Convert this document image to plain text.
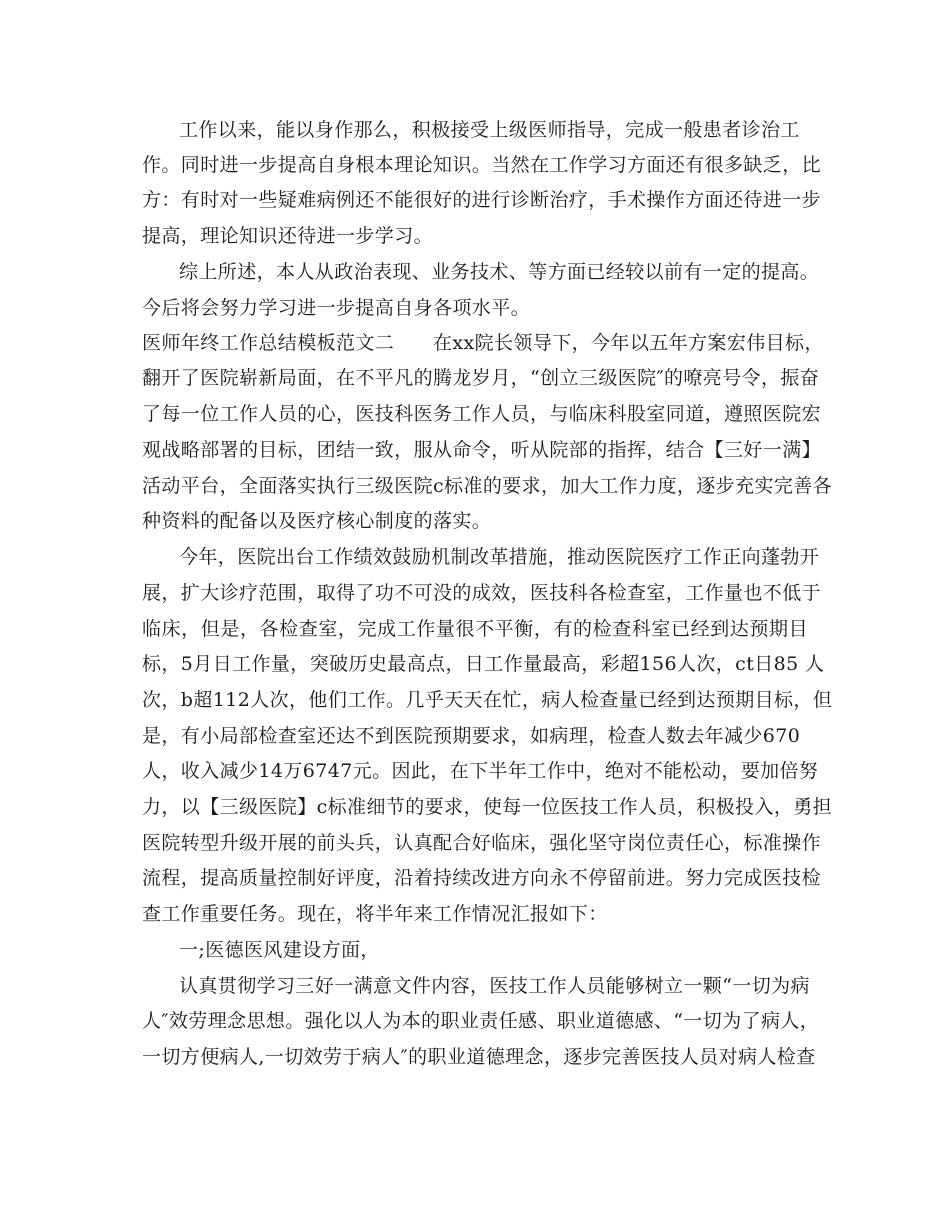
工作以来，能以身作那么，积极接受上级医师指导，完成一般患者诊治工

作。同时进一步提高自身根本理论知识。当然在工作学习方面还有很多缺乏，比

方：有时对一些疑难病例还不能很好的进行诊断治疗，手术操作方面还待进一步

提高，理论知识还待进一步学习。

综上所述，本人从政治表现、业务技术、等方面已经较以前有一定的提高。

今后将会努力学习进一步提高自身各项水平。

医师年终工作总结模板范文二　　在xx院长领导下，今年以五年方案宏伟目标，

翻开了医院崭新局面，在不平凡的腾龙岁月，“创立三级医院″的嘹亮号令，振奋

了每一位工作人员的心，医技科医务工作人员，与临床科股室同道，遵照医院宏

观战略部署的目标，团结一致，服从命令，听从院部的指挥，结合【三好一满】

活动平台，全面落实执行三级医院c标准的要求，加大工作力度，逐步充实完善各

种资料的配备以及医疗核心制度的落实。

今年，医院出台工作绩效鼓励机制改革措施，推动医院医疗工作正向蓬勃开

展，扩大诊疗范围，取得了功不可没的成效，医技科各检查室，工作量也不低于

临床，但是，各检查室，完成工作量很不平衡，有的检查科室已经到达预期目

标，5月日工作量，突破历史最高点，日工作量最高，彩超156人次，ct日85 人

次，b超112人次，他们工作。几乎天天在忙，病人检查量已经到达预期目标，但

是，有小局部检查室还达不到医院预期要求，如病理，检查人数去年减少670

人，收入减少14万6747元。因此，在下半年工作中，绝对不能松动，要加倍努

力，以【三级医院】c标准细节的要求，使每一位医技工作人员，积极投入，勇担

医院转型升级开展的前头兵，认真配合好临床，强化坚守岗位责任心，标准操作

流程，提高质量控制好评度，沿着持续改进方向永不停留前进。努力完成医技检

查工作重要任务。现在，将半年来工作情况汇报如下：

一;医德医风建设方面，

认真贯彻学习三好一满意文件内容，医技工作人员能够树立一颗“一切为病

人″效劳理念思想。强化以人为本的职业责任感、职业道德感、“一切为了病人，

一切方便病人,一切效劳于病人″的职业道德理念，逐步完善医技人员对病人检查
